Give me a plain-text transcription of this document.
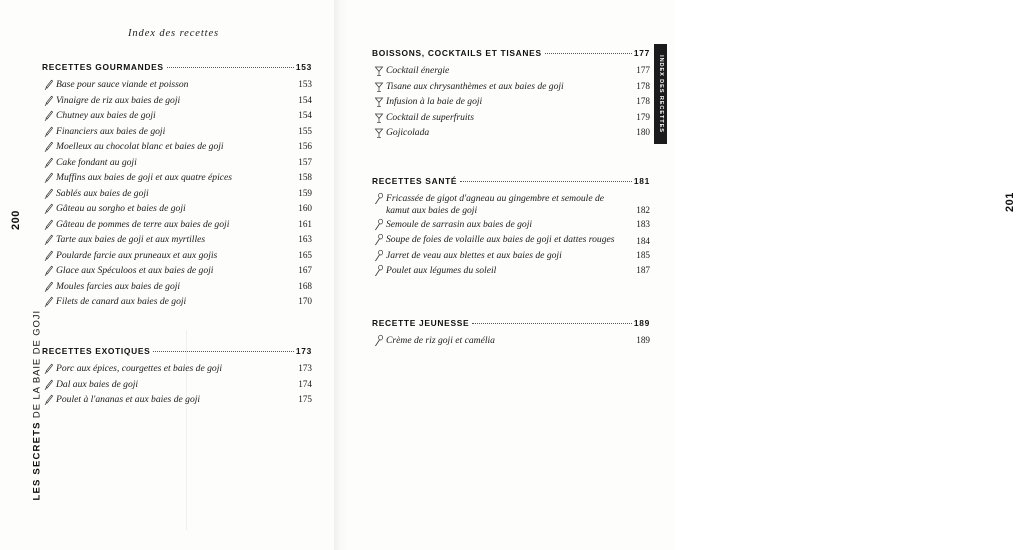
Index des recettes
LES SECRETS DE LA BAIE DE GOJI
200
RECETTES GOURMANDES	153
Base pour sauce viande et poisson	153
Vinaigre de riz aux baies de goji	154
Chutney aux baies de goji	154
Financiers aux baies de goji	155
Moelleux au chocolat blanc et baies de goji	156
Cake fondant au goji	157
Muffins aux baies de goji et aux quatre épices	158
Sablés aux baies de goji	159
Gâteau au sorgho et baies de goji	160
Gâteau de pommes de terre aux baies de goji	161
Tarte aux baies de goji et aux myrtilles	163
Poularde farcie aux pruneaux et aux gojis	165
Glace aux Spéculoos et aux baies de goji	167
Moules farcies aux baies de goji	168
Filets de canard aux baies de goji	170
RECETTES EXOTIQUES	173
Porc aux épices, courgettes et baies de goji	173
Dal aux baies de goji	174
Poulet à l'ananas et aux baies de goji	175
INDEX DES RECETTES
201
BOISSONS, COCKTAILS ET TISANES	177
Cocktail énergie	177
Tisane aux chrysanthèmes et aux baies de goji	178
Infusion à la baie de goji	178
Cocktail de superfruits	179
Gojicolada	180
RECETTES SANTÉ	181
Fricassée de gigot d'agneau au gingembre et semoule de kamut aux baies de goji	182
Semoule de sarrasin aux baies de goji	183
Soupe de foies de volaille aux baies de goji et dattes rouges	184
Jarret de veau aux blettes et aux baies de goji	185
Poulet aux légumes du soleil	187
RECETTE JEUNESSE	189
Crème de riz goji et camélia	189
